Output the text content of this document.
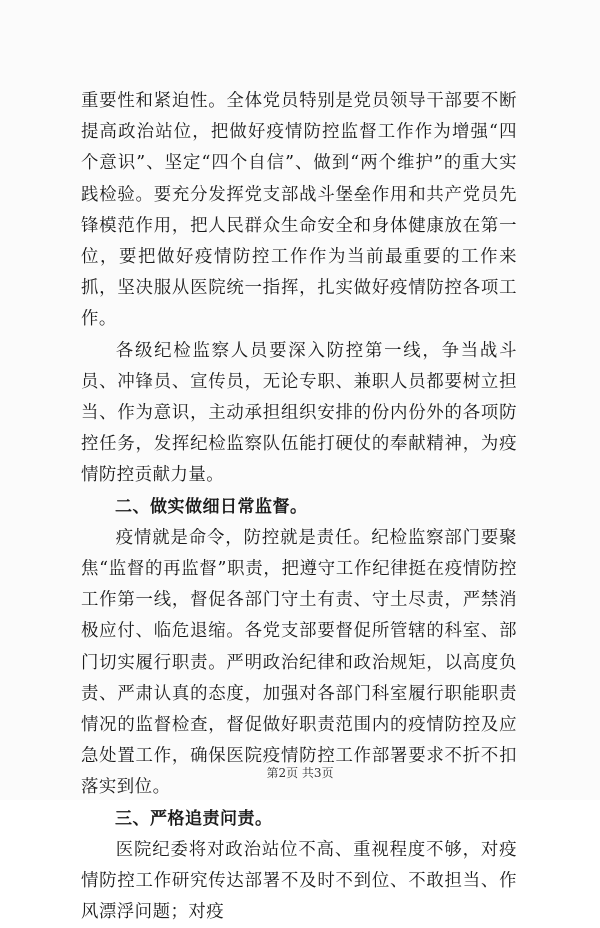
重要性和紧迫性。全体党员特别是党员领导干部要不断提高政治站位，把做好疫情防控监督工作作为增强“四个意识”、坚定“四个自信”、做到“两个维护”的重大实践检验。要充分发挥党支部战斗堡垒作用和共产党员先锋模范作用，把人民群众生命安全和身体健康放在第一位，要把做好疫情防控工作作为当前最重要的工作来抓，坚决服从医院统一指挥，扎实做好疫情防控各项工作。

各级纪检监察人员要深入防控第一线，争当战斗员、冲锋员、宣传员，无论专职、兼职人员都要树立担当、作为意识，主动承担组织安排的份内份外的各项防控任务，发挥纪检监察队伍能打硬仗的奉献精神，为疫情防控贡献力量。

二、做实做细日常监督。

疫情就是命令，防控就是责任。纪检监察部门要聚焦“监督的再监督”职责，把遵守工作纪律挺在疫情防控工作第一线，督促各部门守土有责、守土尽责，严禁消极应付、临危退缩。各党支部要督促所管辖的科室、部门切实履行职责。严明政治纪律和政治规矩，以高度负责、严肃认真的态度，加强对各部门科室履行职能职责情况的监督检查，督促做好职责范围内的疫情防控及应急处置工作，确保医院疫情防控工作部署要求不折不扣落实到位。

三、严格追责问责。

医院纪委将对政治站位不高、重视程度不够，对疫情防控工作研究传达部署不及时不到位、不敢担当、作风漂浮问题；对疫

第2页 共3页
